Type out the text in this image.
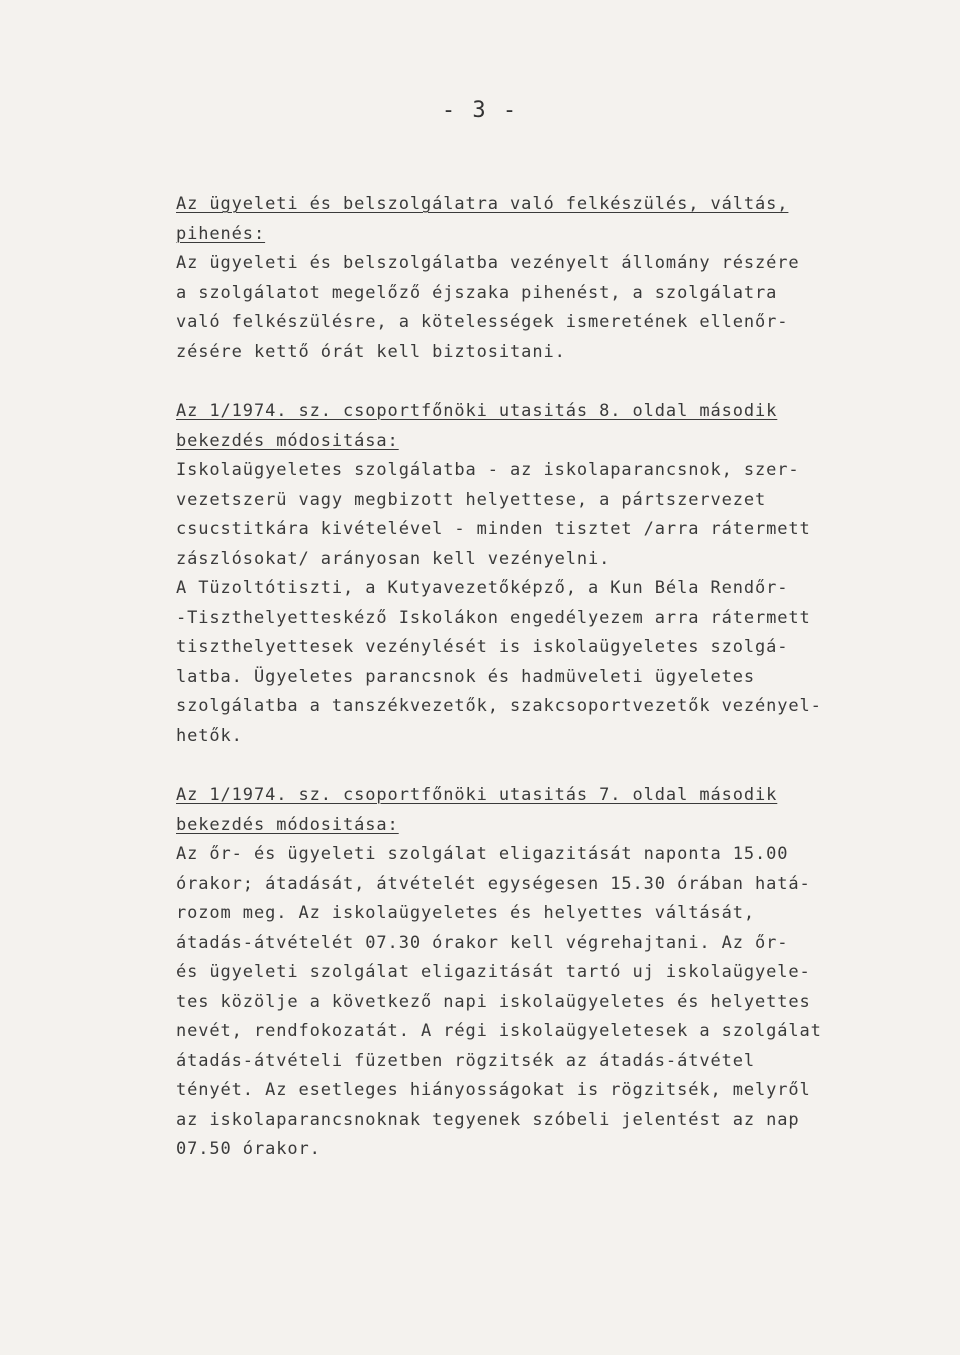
- 3 -
Az ügyeleti és belszolgálatra való felkészülés, váltás,
pihenés:
Az ügyeleti és belszolgálatba vezényelt állomány részére
a szolgálatot megelőző éjszaka pihenést, a szolgálatra
való felkészülésre, a kötelességek ismeretének ellenőr-
zésére kettő órát kell biztositani.
Az 1/1974. sz. csoportfőnöki utasitás 8. oldal második
bekezdés módositása:
Iskolaügyeletes szolgálatba - az iskolaparancsnok, szer-
vezetszerü vagy megbizott helyettese, a pártszervezet
csucstitkára kivételével - minden tisztet /arra rátermett
zászlósokat/ arányosan kell vezényelni.
A Tüzoltótiszti, a Kutyavezetőképző, a Kun Béla Rendőr-
-Tiszthelyetteskéző Iskolákon engedélyezem arra rátermett
tiszthelyettesek vezénylését is iskolaügyeletes szolgá-
latba. Ügyeletes parancsnok és hadmüveleti ügyeletes
szolgálatba a tanszékvezetők, szakcsoportvezetők vezényel-
hetők.
Az 1/1974. sz. csoportfőnöki utasitás 7. oldal második
bekezdés módositása:
Az őr- és ügyeleti szolgálat eligazitását naponta 15.00
órakor; átadását, átvételét egységesen 15.30 órában hatá-
rozom meg. Az iskolaügyeletes és helyettes váltását,
átadás-átvételét 07.30 órakor kell végrehajtani. Az őr-
és ügyeleti szolgálat eligazitását tartó uj iskolaügyele-
tes közölje a következő napi iskolaügyeletes és helyettes
nevét, rendfokozatát. A régi iskolaügyeletesek a szolgálat
átadás-átvételi füzetben rögzitsék az átadás-átvétel
tényét. Az esetleges hiányosságokat is rögzitsék, melyről
az iskolaparancsnoknak tegyenek szóbeli jelentést az nap
07.50 órakor.
